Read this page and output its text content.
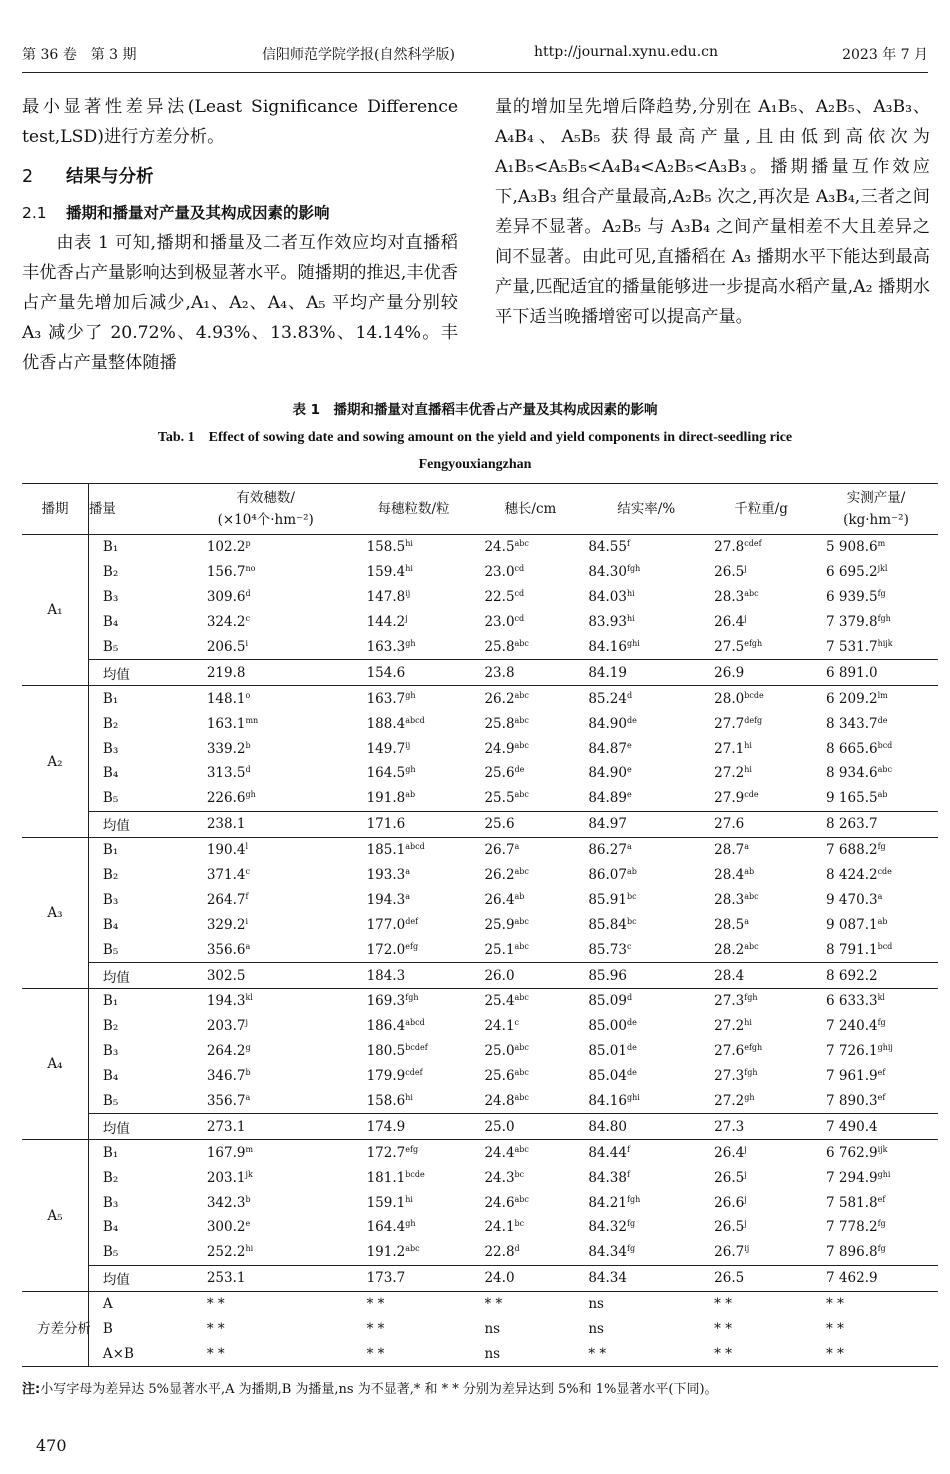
第 36 卷　第 3 期	信阳师范学院学报(自然科学版)	http://journal.xynu.edu.cn	2023 年 7 月

最小显著性差异法(Least Significance Difference test,LSD)进行方差分析。

2 结果与分析
2.1 播期和播量对产量及其构成因素的影响

由表 1 可知,播期和播量及二者互作效应均对直播稻丰优香占产量影响达到极显著水平。随播期的推迟,丰优香占产量先增加后减少,A₁、A₂、A₄、A₅ 平均产量分别较 A₃ 减少了 20.72%、4.93%、13.83%、14.14%。丰优香占产量整体随播

量的增加呈先增后降趋势,分别在 A₁B₅、A₂B₅、A₃B₃、A₄B₄、A₅B₅ 获得最高产量,且由低到高依次为 A₁B₅<A₅B₅<A₄B₄<A₂B₅<A₃B₃。播期播量互作效应下,A₃B₃ 组合产量最高,A₂B₅ 次之,再次是 A₃B₄,三者之间差异不显著。A₂B₅ 与 A₃B₄ 之间产量相差不大且差异之间不显著。由此可见,直播稻在 A₃ 播期水平下能达到最高产量,匹配适宜的播量能够进一步提高水稻产量,A₂ 播期水平下适当晚播增密可以提高产量。

表 1　播期和播量对直播稻丰优香占产量及其构成因素的影响
Tab. 1　Effect of sowing date and sowing amount on the yield and yield components in direct-seedling rice Fengyouxiangzhan
播期	播量	有效穗数/
(×10⁴个·hm⁻²)	每穗粒数/粒	穗长/cm	结实率/%	千粒重/g	实测产量/
(kg·hm⁻²)
A₁	B₁	102.2$^p$	$158.5^{hi}$	24.5$^{abc}$	84.55$^f$	$27.8^{cdef}$	5 908.6$^m$
	B₂	$156.7^{no}$	$159.4^{hi}$	23.0$^{cd}$	84.30$^{fgh}$	26.5$^j$	6 $695.2^{jkl}$
	B₃	309.6$^d$	$147.8^{ij}$	22.5$^{cd}$	$84.03^{hi}$	28.3$^{abc}$	6 939.5$^{fg}$
	B₄	324.2$^c$	144.2$^j$	23.0$^{cd}$	$83.93^{hi}$	26.4$^j$	7 379.8$^{fgh}$
	B₅	206.5$^i$	163.3$^{gh}$	25.8$^{abc}$	$84.16^{ghi}$	$27.5^{efgh}$	7 $531.7^{hijk}$
	均值	219.8	154.6	23.8	84.19	26.9	6 891.0
A₂	B₁	148.1$^o$	163.7$^{gh}$	26.2$^{abc}$	85.24$^d$	$28.0^{bcde}$	6 $209.2^{lm}$
	B₂	$163.1^{mn}$	$188.4^{abcd}$	25.8$^{abc}$	84.90de	$27.7^{defg}$	8 343.7de
	B₃	339.2$^b$	$149.7^{ij}$	24.9$^{abc}$	84.87e	$27.1^{hi}$	8 665.6$^{bcd}$
	B₄	313.5$^d$	164.5$^{gh}$	25.6de	84.90e	$27.2^{hi}$	8 934.6$^{abc}$
	B₅	226.6$^{gh}$	191.8$^{ab}$	25.5$^{abc}$	84.89e	27.9$^{cde}$	9 165.5$^{ab}$
	均值	238.1	171.6	25.6	84.97	27.6	8 263.7
A₃	B₁	190.4$^l$	$185.1^{abcd}$	26.7$^a$	86.27$^a$	28.7$^a$	7 688.2$^{fg}$
	B₂	371.4$^c$	193.3$^a$	26.2$^{abc}$	86.07$^{ab}$	28.4$^{ab}$	8 424.2$^{cde}$
	B₃	264.7$^f$	194.3$^a$	26.4$^{ab}$	85.91$^{bc}$	28.3$^{abc}$	9 470.3$^a$
	B₄	329.2$^i$	177.0$^{def}$	25.9$^{abc}$	85.84$^{bc}$	28.5$^a$	9 087.1$^{ab}$
	B₅	356.6$^a$	172.0$^{efg}$	25.1$^{abc}$	85.73$^c$	28.2$^{abc}$	8 791.1$^{bcd}$
	均值	302.5	184.3	26.0	85.96	28.4	8 692.2
A₄	B₁	$194.3^{kl}$	169.3$^{fgh}$	25.4$^{abc}$	85.09$^d$	27.3$^{fgh}$	6 $633.3^{kl}$
	B₂	203.7$^j$	$186.4^{abcd}$	24.1$^c$	85.00de	$27.2^{hi}$	7 240.4$^{fg}$
	B₃	264.2$^g$	$180.5^{bcdef}$	25.0$^{abc}$	85.01de	$27.6^{efgh}$	7 $726.1^{ghij}$
	B₄	346.7$^b$	$179.9^{cdef}$	25.6$^{abc}$	85.04de	27.3$^{fgh}$	7 961.9$^{ef}$
	B₅	356.7$^a$	$158.6^{hi}$	24.8$^{abc}$	$84.16^{ghi}$	27.2$^{gh}$	7 890.3$^{ef}$
	均值	273.1	174.9	25.0	84.80	27.3	7 490.4
A₅	B₁	167.9$^m$	172.7$^{efg}$	24.4$^{abc}$	84.44$^f$	26.4$^j$	6 $762.9^{ijk}$
	B₂	$203.1^{jk}$	$181.1^{bcde}$	24.3$^{bc}$	84.38$^f$	26.5$^j$	7 $294.9^{ghi}$
	B₃	342.3$^b$	$159.1^{hi}$	24.6$^{abc}$	84.21$^{fgh}$	26.6$^j$	7 581.8$^{ef}$
	B₄	300.2e	164.4$^{gh}$	24.1$^{bc}$	84.32$^{fg}$	26.5$^j$	7 778.2$^{fg}$
	B₅	$252.2^{hi}$	191.2$^{abc}$	22.8$^d$	84.34$^{fg}$	$26.7^{ij}$	7 896.8$^{fg}$
	均值	253.1	173.7	24.0	84.34	26.5	7 462.9
方差分析	A	* *	* *	* *	ns	* *	* *
	B	* *	* *	ns	ns	* *	* *
	A×B	* *	* *	ns	* *	* *	* *
注:小写字母为差异达 5%显著水平,A 为播期,B 为播量,ns 为不显著,* 和 * * 分别为差异达到 5%和 1%显著水平(下同)。
470
